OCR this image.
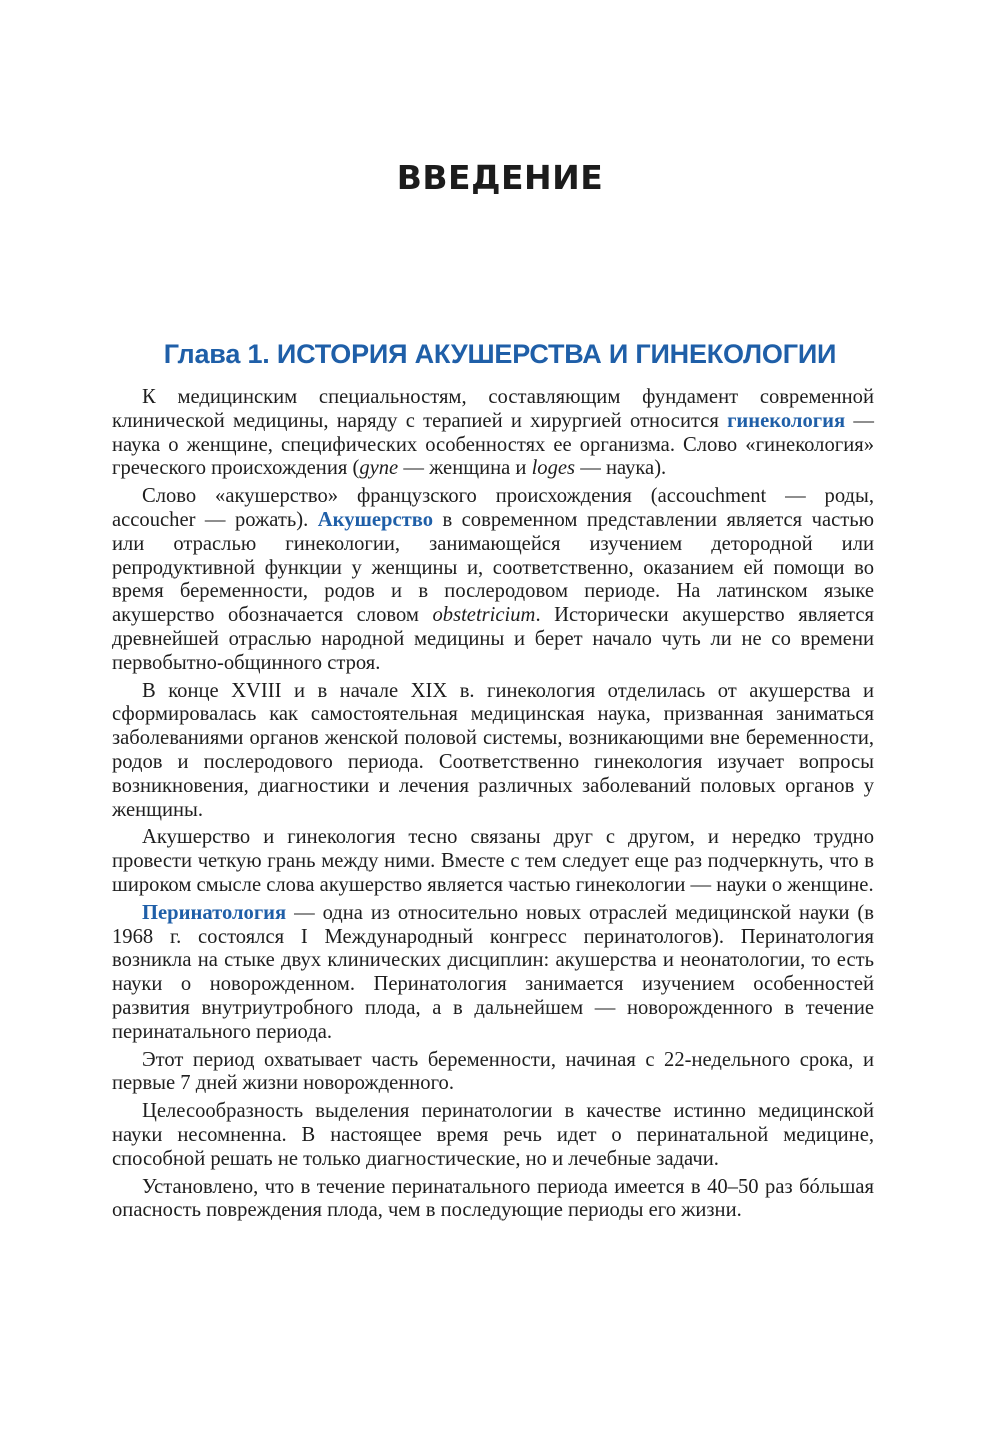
ВВЕДЕНИЕ
Глава 1. ИСТОРИЯ АКУШЕРСТВА И ГИНЕКОЛОГИИ

К медицинским специальностям, составляющим фундамент современной клинической медицины, наряду с терапией и хирургией относится гинекология — наука о женщине, специфических особенностях ее организма. Слово «гинекология» греческого происхождения (gyne — женщина и loges — наука).

Слово «акушерство» французского происхождения (accouchment — роды, accoucher — рожать). Акушерство в современном представлении является частью или отраслью гинекологии, занимающейся изучением детородной или репродуктивной функции у женщины и, соответственно, оказанием ей помощи во время беременности, родов и в послеродовом периоде. На латинском языке акушерство обозначается словом obstetricium. Исторически акушерство является древнейшей отраслью народной медицины и берет начало чуть ли не со времени первобытно-общинного строя.

В конце XVIII и в начале XIX в. гинекология отделилась от акушерства и сформировалась как самостоятельная медицинская наука, призванная заниматься заболеваниями органов женской половой системы, возникающими вне беременности, родов и послеродового периода. Соответственно гинекология изучает вопросы возникновения, диагностики и лечения различных заболеваний половых органов у женщины.

Акушерство и гинекология тесно связаны друг с другом, и нередко трудно провести четкую грань между ними. Вместе с тем следует еще раз подчеркнуть, что в широком смысле слова акушерство является частью гинекологии — науки о женщине.

Перинатология — одна из относительно новых отраслей медицинской науки (в 1968 г. состоялся I Международный конгресс перинатологов). Перинатология возникла на стыке двух клинических дисциплин: акушерства и неонатологии, то есть науки о новорожденном. Перинатология занимается изучением особенностей развития внутриутробного плода, а в дальнейшем — новорожденного в течение перинатального периода.

Этот период охватывает часть беременности, начиная с 22-недельного срока, и первые 7 дней жизни новорожденного.

Целесообразность выделения перинатологии в качестве истинно медицинской науки несомненна. В настоящее время речь идет о перинатальной медицине, способной решать не только диагностические, но и лечебные задачи.

Установлено, что в течение перинатального периода имеется в 40–50 раз бóльшая опасность повреждения плода, чем в последующие периоды его жизни.
